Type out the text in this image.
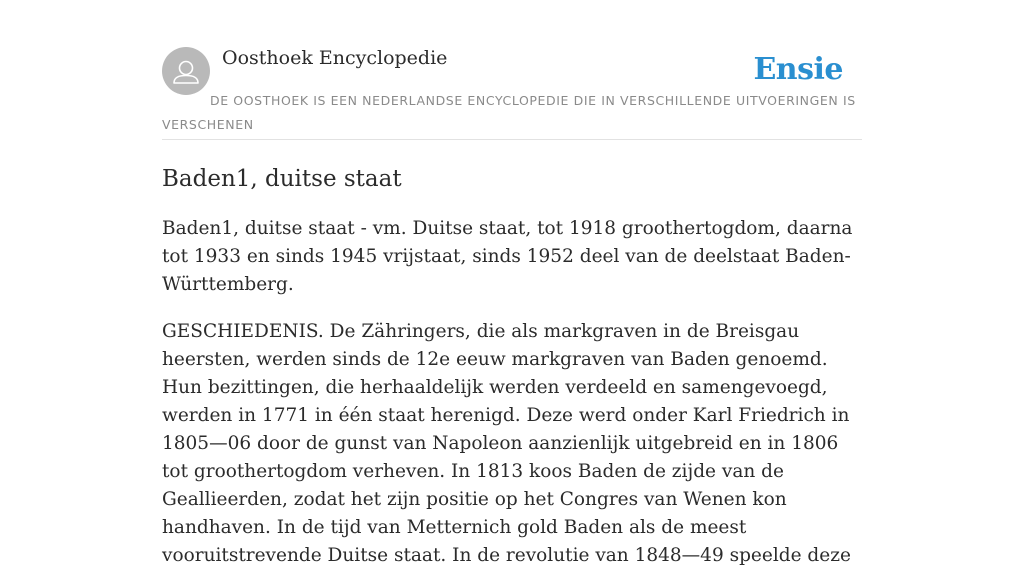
Oosthoek Encyclopedie	Ensie
DE OOSTHOEK IS EEN NEDERLANDSE ENCYCLOPEDIE DIE IN VERSCHILLENDE UITVOERINGEN IS VERSCHENEN
Baden1, duitse staat

Baden1, duitse staat - vm. Duitse staat, tot 1918 groothertogdom, daarna tot 1933 en sinds 1945 vrijstaat, sinds 1952 deel van de deelstaat Baden-Württemberg.

GESCHIEDENIS. De Zähringers, die als markgraven in de Breisgau heersten, werden sinds de 12e eeuw markgraven van Baden genoemd. Hun bezittingen, die herhaaldelijk werden verdeeld en samengevoegd, werden in 1771 in één staat herenigd. Deze werd onder Karl Friedrich in 1805—06 door de gunst van Napoleon aanzienlijk uitgebreid en in 1806 tot groothertogdom verheven. In 1813 koos Baden de zijde van de Geallieerden, zodat het zijn positie op het Congres van Wenen kon handhaven. In de tijd van Metternich gold Baden als de meest vooruitstrevende Duitse staat. In de revolutie van 1848—49 speelde deze
